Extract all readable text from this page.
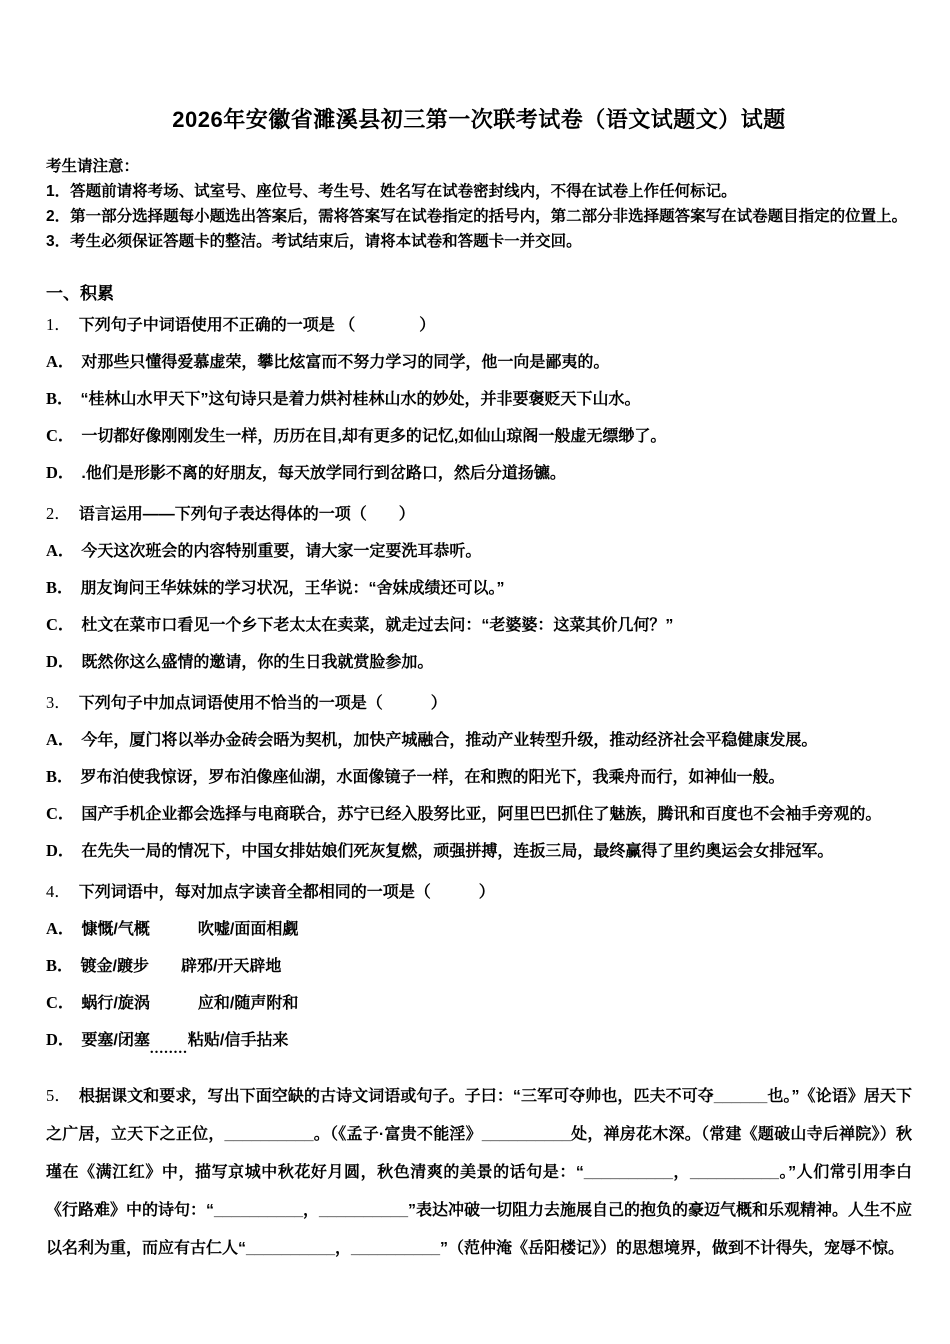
2026年安徽省濉溪县初三第一次联考试卷（语文试题文）试题
考生请注意：
1．答题前请将考场、试室号、座位号、考生号、姓名写在试卷密封线内，不得在试卷上作任何标记。
2．第一部分选择题每小题选出答案后，需将答案写在试卷指定的括号内，第二部分非选择题答案写在试卷题目指定的位置上。
3．考生必须保证答题卡的整洁。考试结束后，请将本试卷和答题卡一并交回。
一、积累
1． 下列句子中词语使用不正确的一项是 （　　　　）
A． 对那些只懂得爱慕虚荣，攀比炫富而不努力学习的同学，他一向是鄙夷的。
B． “桂林山水甲天下”这句诗只是着力烘衬桂林山水的妙处，并非要褒贬天下山水。
C． 一切都好像刚刚发生一样，历历在目,却有更多的记忆,如仙山琼阁一般虚无缥缈了。
D． .他们是形影不离的好朋友，每天放学同行到岔路口，然后分道扬镳。
2． 语言运用——下列句子表达得体的一项（　　）
A． 今天这次班会的内容特别重要，请大家一定要洗耳恭听。
B． 朋友询问王华妹妹的学习状况，王华说：“舍妹成绩还可以。”
C． 杜文在菜市口看见一个乡下老太太在卖菜，就走过去问：“老婆婆：这菜其价几何？”
D． 既然你这么盛情的邀请，你的生日我就赏脸参加。
3． 下列句子中加点词语使用不恰当的一项是（　　　）
A． 今年，厦门将以举办金砖会晤为契机，加快产城融合，推动产业转型升级，推动经济社会平稳健康发展。
B． 罗布泊使我惊讶，罗布泊像座仙湖，水面像镜子一样，在和煦的阳光下，我乘舟而行，如神仙一般。
C． 国产手机企业都会选择与电商联合，苏宁已经入股努比亚，阿里巴巴抓住了魅族，腾讯和百度也不会袖手旁观的。
D． 在先失一局的情况下，中国女排姑娘们死灰复燃，顽强拼搏，连扳三局，最终赢得了里约奥运会女排冠军。
4． 下列词语中，每对加点字读音全都相同的一项是（　　　）
A． 慷慨/气概　　　吹嘘/面面相觑
B． 镀金/踱步　　辟邪/开天辟地
C． 蜗行/旋涡　　　应和/随声附和
D． 要塞/闭塞........粘贴/信手拈来
5． 根据课文和要求，写出下面空缺的古诗文词语或句子。子曰：“三军可夺帅也，匹夫不可夺______也。”《论语》居天下之广居，立天下之正位，__________。（《孟子·富贵不能淫》__________处，禅房花木深。（常建《题破山寺后禅院》）秋瑾在《满江红》中，描写京城中秋花好月圆，秋色清爽的美景的话句是：“__________，__________。”人们常引用李白《行路难》中的诗句：“__________，__________”表达冲破一切阻力去施展自己的抱负的豪迈气概和乐观精神。人生不应以名利为重，而应有古仁人“__________，__________”（范仲淹《岳阳楼记》）的思想境界，做到不计得失，宠辱不惊。
